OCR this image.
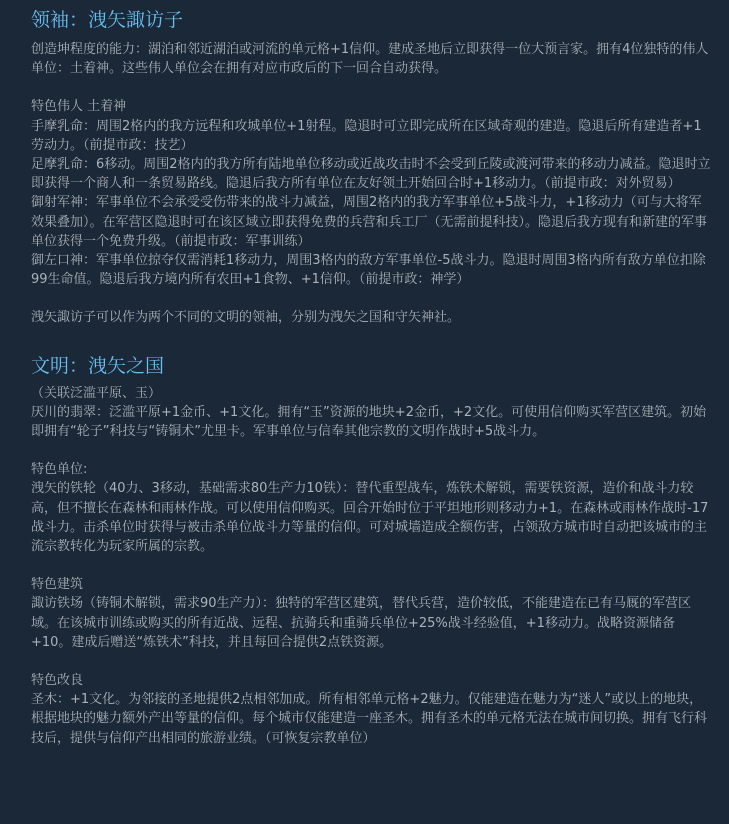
领袖：洩矢諏访子

创造坤程度的能力：湖泊和邻近湖泊或河流的单元格+1信仰。建成圣地后立即获得一位大预言家。拥有4位独特的伟人单位：土着神。这些伟人单位会在拥有对应市政后的下一回合自动获得。

特色伟人 土着神

手摩乳命：周围2格内的我方远程和攻城单位+1射程。隐退时可立即完成所在区域奇观的建造。隐退后所有建造者+1劳动力。（前提市政：技艺）

足摩乳命：6移动。周围2格内的我方所有陆地单位移动或近战攻击时不会受到丘陵或渡河带来的移动力减益。隐退时立即获得一个商人和一条贸易路线。隐退后我方所有单位在友好领土开始回合时+1移动力。（前提市政：对外贸易）

御射军神：军事单位不会承受受伤带来的战斗力减益，周围2格内的我方军事单位+5战斗力，+1移动力（可与大将军效果叠加）。在军营区隐退时可在该区域立即获得免费的兵营和兵工厂（无需前提科技）。隐退后我方现有和新建的军事单位获得一个免费升级。（前提市政：军事训练）

御左口神：军事单位掠夺仅需消耗1移动力，周围3格内的敌方军事单位-5战斗力。隐退时周围3格内所有敌方单位扣除99生命值。隐退后我方境内所有农田+1食物、+1信仰。（前提市政：神学）

洩矢諏访子可以作为两个不同的文明的领袖，分别为洩矢之国和守矢神社。

文明：洩矢之国

（关联泛滥平原、玉）

厌川的翡翠：泛滥平原+1金币、+1文化。拥有“玉”资源的地块+2金币，+2文化。可使用信仰购买军营区建筑。初始即拥有“轮子”科技与“铸铜术”尤里卡。军事单位与信奉其他宗教的文明作战时+5战斗力。

特色单位:

洩矢的铁轮（40力、3移动，基础需求80生产力10铁）：替代重型战车，炼铁术解锁，需要铁资源，造价和战斗力较高，但不擅长在森林和雨林作战。可以使用信仰购买。回合开始时位于平坦地形则移动力+1。在森林或雨林作战时-17战斗力。击杀单位时获得与被击杀单位战斗力等量的信仰。可对城墙造成全额伤害，占领敌方城市时自动把该城市的主流宗教转化为玩家所属的宗教。

特色建筑

諏访铁场（铸铜术解锁，需求90生产力）：独特的军营区建筑，替代兵营，造价较低，不能建造在已有马厩的军营区域。在该城市训练或购买的所有近战、远程、抗骑兵和重骑兵单位+25%战斗经验值，+1移动力。战略资源储备+10。建成后赠送“炼铁术”科技，并且每回合提供2点铁资源。

特色改良

圣木：+1文化。为邻接的圣地提供2点相邻加成。所有相邻单元格+2魅力。仅能建造在魅力为“迷人”或以上的地块，根据地块的魅力额外产出等量的信仰。每个城市仅能建造一座圣木。拥有圣木的单元格无法在城市间切换。拥有飞行科技后，提供与信仰产出相同的旅游业绩。（可恢复宗教单位）
